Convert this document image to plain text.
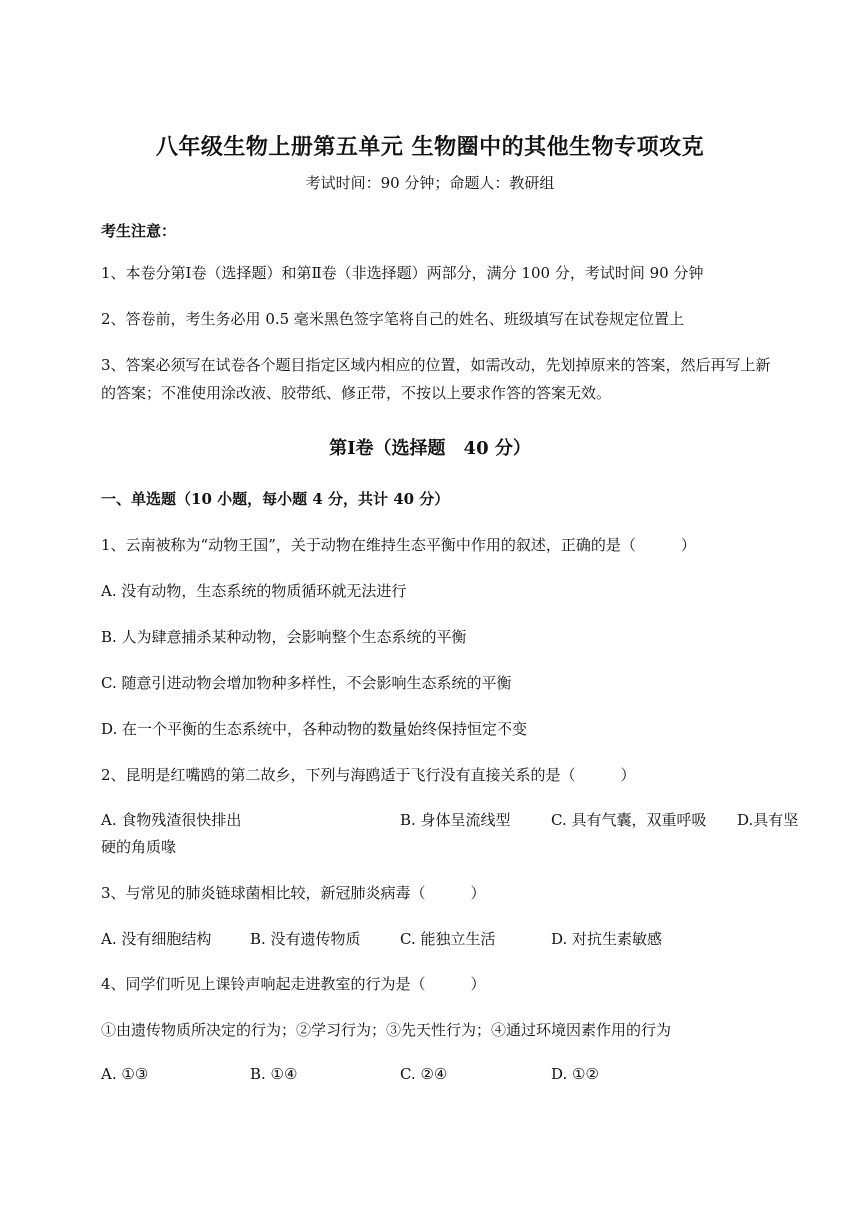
八年级生物上册第五单元 生物圈中的其他生物专项攻克
考试时间：90 分钟；命题人：教研组
考生注意：
1、本卷分第Ⅰ卷（选择题）和第Ⅱ卷（非选择题）两部分，满分 100 分，考试时间 90 分钟
2、答卷前，考生务必用 0.5 毫米黑色签字笔将自己的姓名、班级填写在试卷规定位置上
3、答案必须写在试卷各个题目指定区域内相应的位置，如需改动，先划掉原来的答案，然后再写上新
的答案；不准使用涂改液、胶带纸、修正带，不按以上要求作答的答案无效。
第Ⅰ卷（选择题　40 分）
一、单选题（10 小题，每小题 4 分，共计 40 分）
1、云南被称为“动物王国”，关于动物在维持生态平衡中作用的叙述，正确的是（　　　）
A. 没有动物，生态系统的物质循环就无法进行
B. 人为肆意捕杀某种动物，会影响整个生态系统的平衡
C. 随意引进动物会增加物种多样性，不会影响生态系统的平衡
D. 在一个平衡的生态系统中，各种动物的数量始终保持恒定不变
2、昆明是红嘴鸥的第二故乡，下列与海鸥适于飞行没有直接关系的是（　　　）
A. 食物残渣很快排出	B. 身体呈流线型	C. 具有气囊，双重呼吸 D.具有坚
硬的角质喙
3、与常见的肺炎链球菌相比较，新冠肺炎病毒（　　　）
A. 没有细胞结构	B. 没有遗传物质	C. 能独立生活	D. 对抗生素敏感
4、同学们听见上课铃声响起走进教室的行为是（　　　）
①由遗传物质所决定的行为；②学习行为；③先天性行为；④通过环境因素作用的行为
A. ①③	B. ①④	C. ②④	D. ①②
